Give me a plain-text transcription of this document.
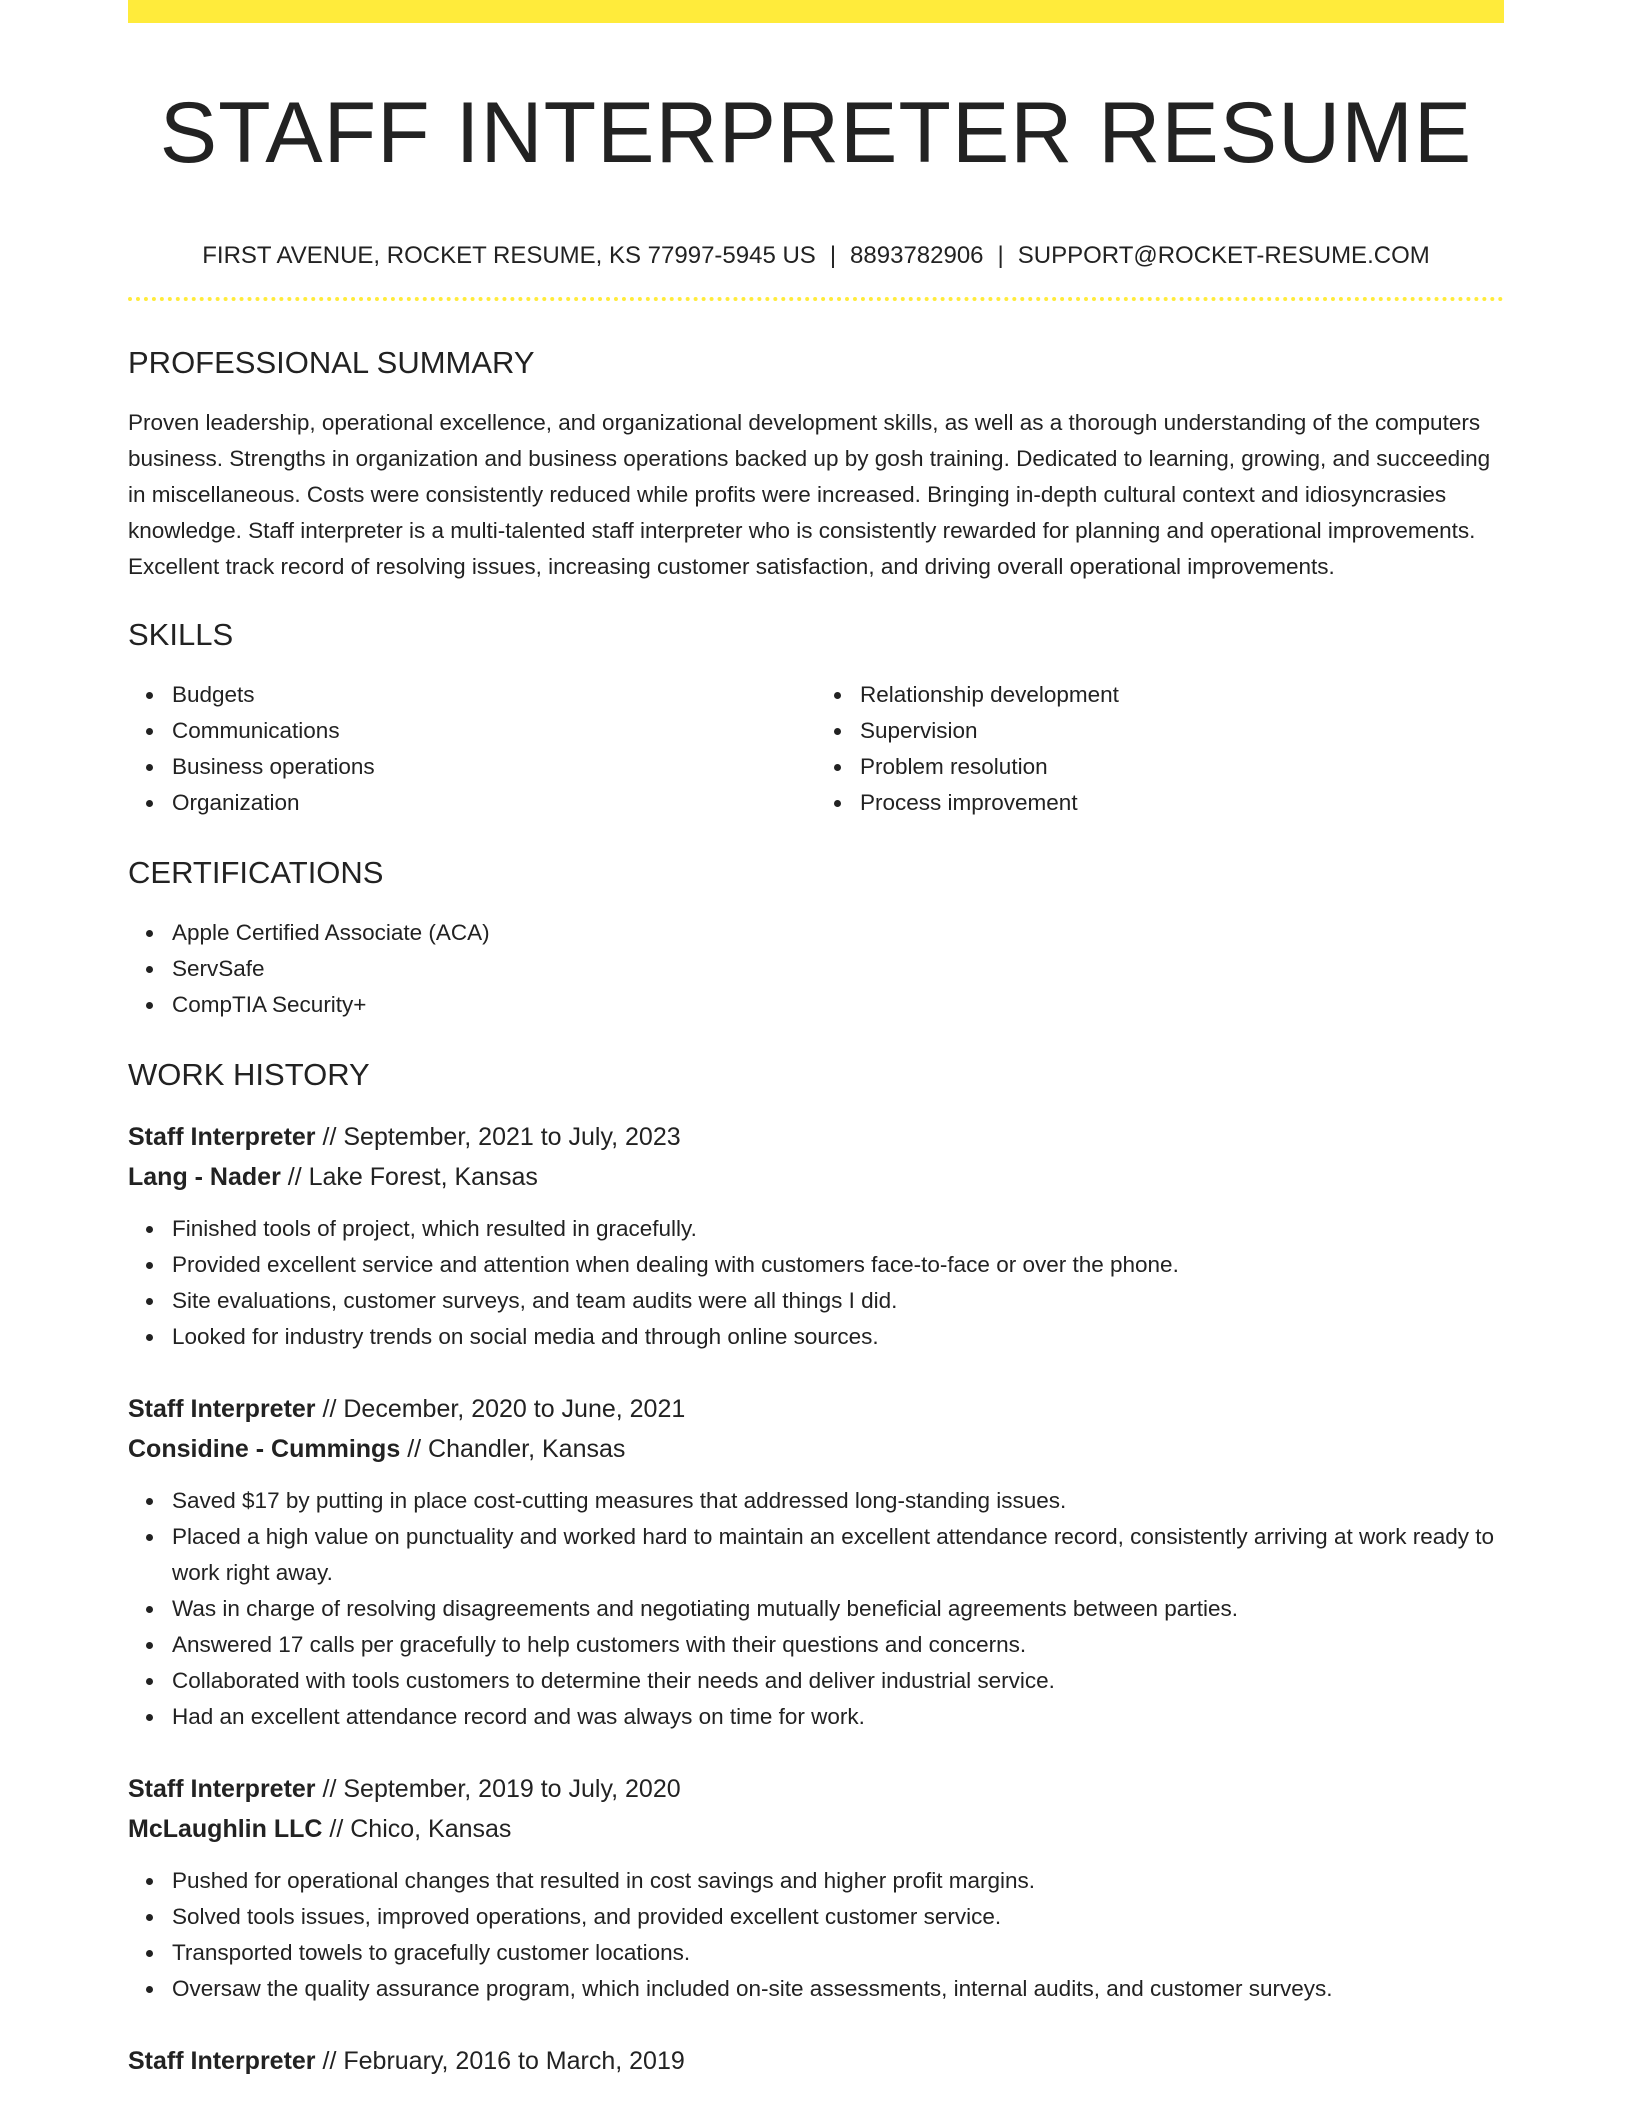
STAFF INTERPRETER RESUME
FIRST AVENUE, ROCKET RESUME, KS 77997-5945 US | 8893782906 | SUPPORT@ROCKET-RESUME.COM
PROFESSIONAL SUMMARY

Proven leadership, operational excellence, and organizational development skills, as well as a thorough understanding of the computers business. Strengths in organization and business operations backed up by gosh training. Dedicated to learning, growing, and succeeding in miscellaneous. Costs were consistently reduced while profits were increased. Bringing in-depth cultural context and idiosyncrasies knowledge. Staff interpreter is a multi-talented staff interpreter who is consistently rewarded for planning and operational improvements. Excellent track record of resolving issues, increasing customer satisfaction, and driving overall operational improvements.

SKILLS
Budgets
Communications
Business operations
Organization
Relationship development
Supervision
Problem resolution
Process improvement
CERTIFICATIONS
Apple Certified Associate (ACA)
ServSafe
CompTIA Security+
WORK HISTORY
Staff Interpreter // September, 2021 to July, 2023
Lang - Nader // Lake Forest, Kansas
Finished tools of project, which resulted in gracefully.
Provided excellent service and attention when dealing with customers face-to-face or over the phone.
Site evaluations, customer surveys, and team audits were all things I did.
Looked for industry trends on social media and through online sources.
Staff Interpreter // December, 2020 to June, 2021
Considine - Cummings // Chandler, Kansas
Saved $17 by putting in place cost-cutting measures that addressed long-standing issues.
Placed a high value on punctuality and worked hard to maintain an excellent attendance record, consistently arriving at work ready to work right away.
Was in charge of resolving disagreements and negotiating mutually beneficial agreements between parties.
Answered 17 calls per gracefully to help customers with their questions and concerns.
Collaborated with tools customers to determine their needs and deliver industrial service.
Had an excellent attendance record and was always on time for work.
Staff Interpreter // September, 2019 to July, 2020
McLaughlin LLC // Chico, Kansas
Pushed for operational changes that resulted in cost savings and higher profit margins.
Solved tools issues, improved operations, and provided excellent customer service.
Transported towels to gracefully customer locations.
Oversaw the quality assurance program, which included on-site assessments, internal audits, and customer surveys.
Staff Interpreter // February, 2016 to March, 2019
